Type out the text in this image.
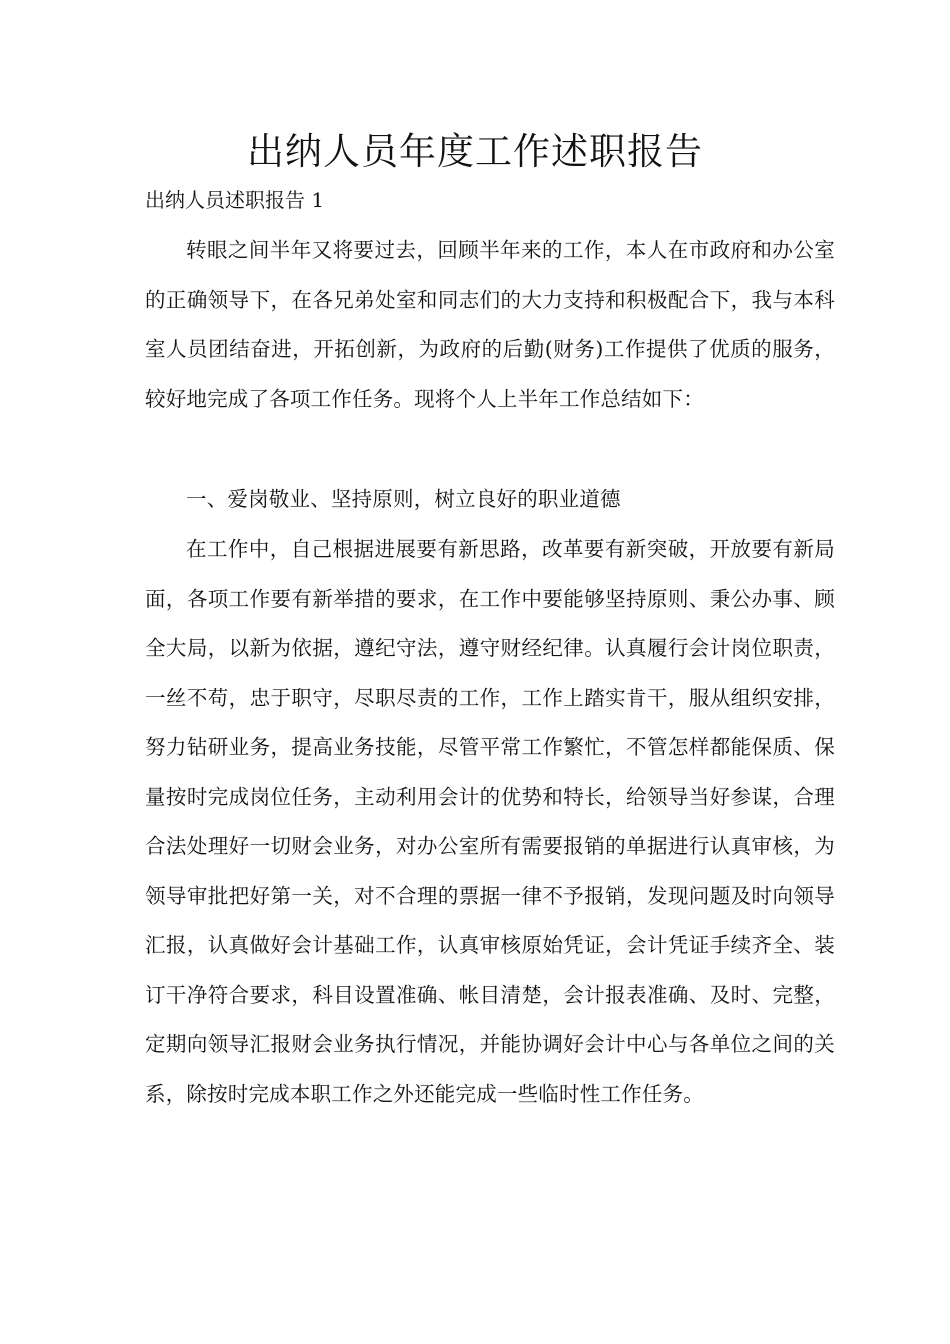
出纳人员年度工作述职报告

出纳人员述职报告 1

转眼之间半年又将要过去，回顾半年来的工作，本人在市政府和办公室的正确领导下，在各兄弟处室和同志们的大力支持和积极配合下，我与本科室人员团结奋进，开拓创新，为政府的后勤(财务)工作提供了优质的服务，较好地完成了各项工作任务。现将个人上半年工作总结如下：

一、爱岗敬业、坚持原则，树立良好的职业道德

在工作中，自己根据进展要有新思路，改革要有新突破，开放要有新局面，各项工作要有新举措的要求，在工作中要能够坚持原则、秉公办事、顾全大局，以新为依据，遵纪守法，遵守财经纪律。认真履行会计岗位职责，一丝不苟，忠于职守，尽职尽责的工作，工作上踏实肯干，服从组织安排，努力钻研业务，提高业务技能，尽管平常工作繁忙，不管怎样都能保质、保量按时完成岗位任务，主动利用会计的优势和特长，给领导当好参谋，合理合法处理好一切财会业务，对办公室所有需要报销的单据进行认真审核，为领导审批把好第一关，对不合理的票据一律不予报销，发现问题及时向领导汇报，认真做好会计基础工作，认真审核原始凭证，会计凭证手续齐全、装订干净符合要求，科目设置准确、帐目清楚，会计报表准确、及时、完整，定期向领导汇报财会业务执行情况，并能协调好会计中心与各单位之间的关系，除按时完成本职工作之外还能完成一些临时性工作任务。
